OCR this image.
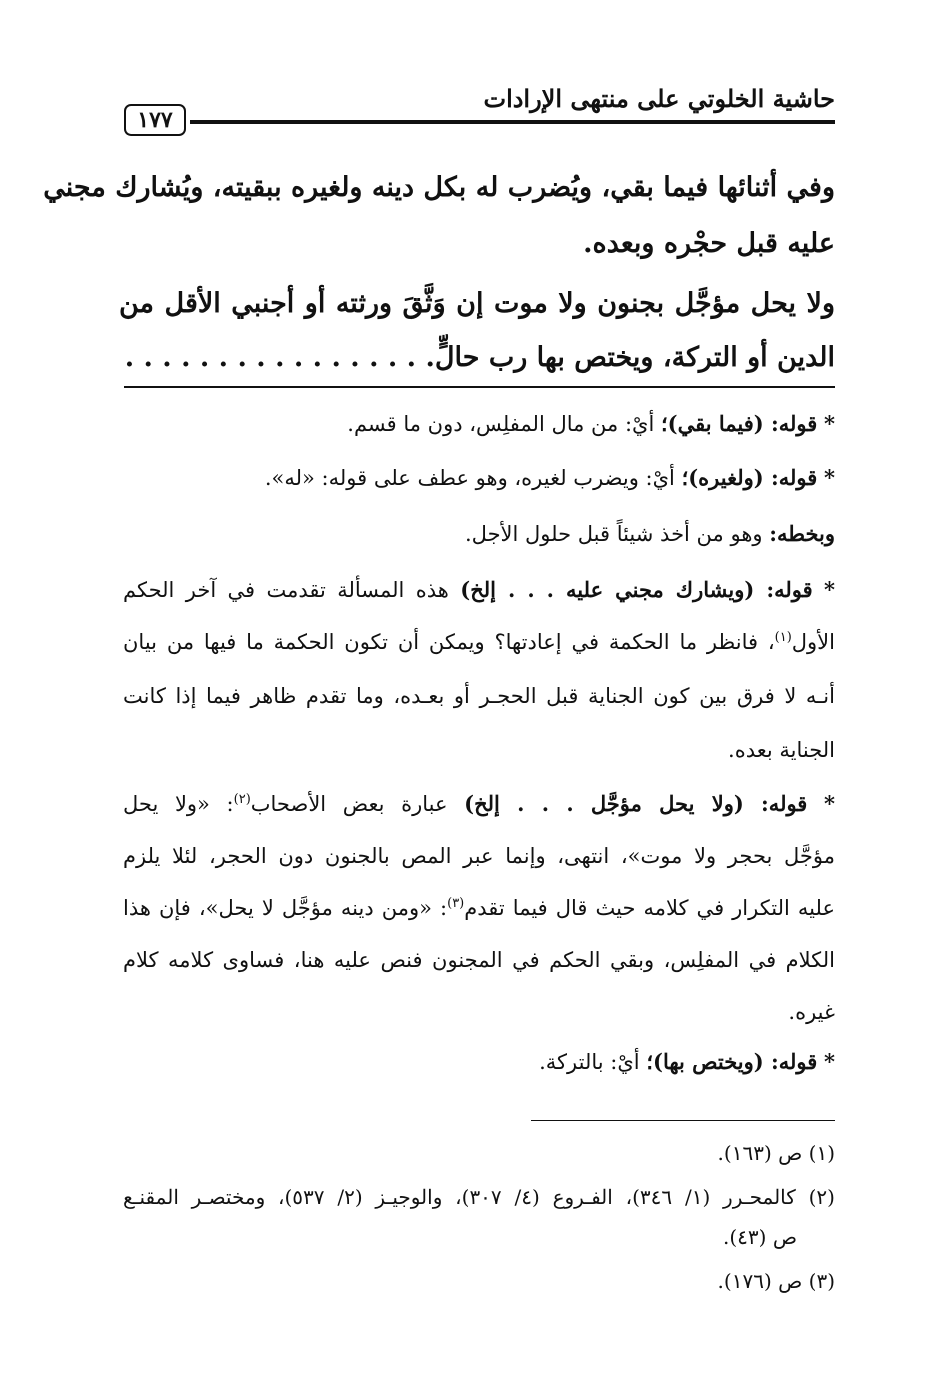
حاشية الخلوتي على منتهى الإرادات
١٧٧
وفي أثنائها فيما بقي، ويُضرب له بكل دينه ولغيره ببقيته، ويُشارك مجني
عليه قبل حجْره وبعده.
ولا يحل مؤجَّل بجنون ولا موت إن وَثَّقَ ورثته أو أجنبي الأقل من
الدين أو التركة، ويختص بها رب حالٍّ. . . . . . . . . . . . . . . . .
* قوله: (فيما بقي)؛ أيْ: من مال المفلِس، دون ما قسم.
* قوله: (ولغيره)؛ أيْ: ويضرب لغيره، وهو عطف على قوله: «له».
وبخطه: وهو من أخذ شيئاً قبل حلول الأجل.
* قوله: (ويشارك مجني عليه . . . إلخ) هذه المسألة تقدمت في آخر الحكم
الأول$^{(١)}$، فانظر ما الحكمة في إعادتها؟ ويمكن أن تكون الحكمة ما فيها من بيان
أنـه لا فرق بين كون الجناية قبل الحجـر أو بعـده، وما تقدم ظاهر فيما إذا كانت
الجناية بعده.
* قوله: (ولا يحل مؤجَّل . . . إلخ) عبارة بعض الأصحاب$^{(٢)}$: «ولا يحل
مؤجَّل بحجر ولا موت»، انتهى، وإنما عبر المص بالجنون دون الحجر، لئلا يلزم
عليه التكرار في كلامه حيث قال فيما تقدم$^{(٣)}$: «ومن دينه مؤجَّل لا يحل»، فإن هذا
الكلام في المفلِس، وبقي الحكم في المجنون فنص عليه هنا، فساوى كلامه كلام
غيره.
* قوله: (ويختص بها)؛ أيْ: بالتركة.
(١) ص (١٦٣).
(٢) كالمحـرر (١/ ٣٤٦)، الفـروع (٤/ ٣٠٧)، والوجيـز (٢/ ٥٣٧)، ومختصـر المقنـع
ص (٤٣).
(٣) ص (١٧٦).
